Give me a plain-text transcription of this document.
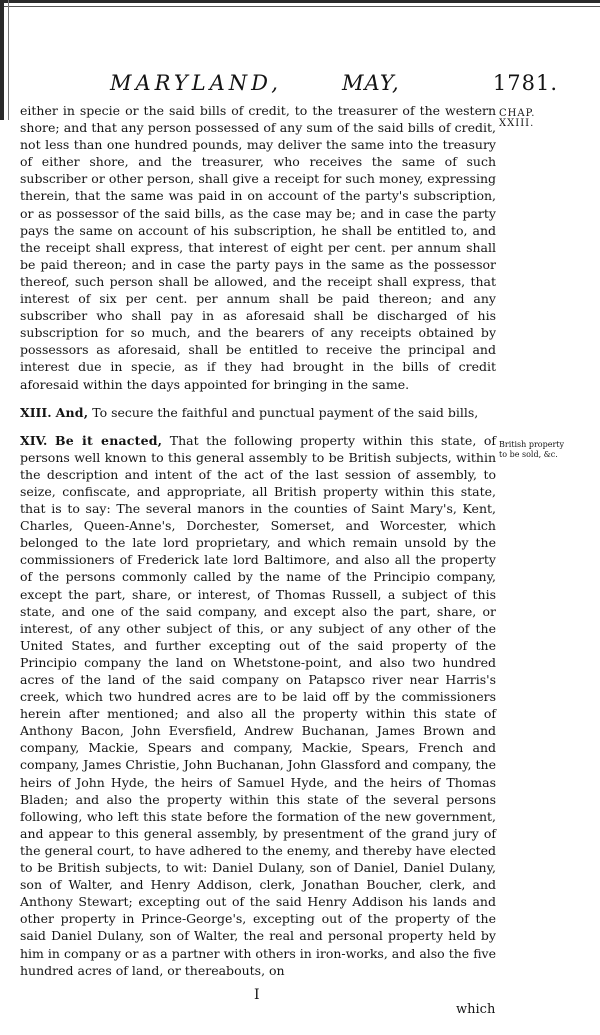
MARYLAND,	MAY,	1781.
CHAP. XXIII.
British property to be sold, &c.

either in specie or the said bills of credit, to the treasurer of the western shore; and that any person possessed of any sum of the said bills of credit, not less than one hundred pounds, may deliver the same into the treasury of either shore, and the treasurer, who receives the same of such subscriber or other person, shall give a receipt for such money, expressing therein, that the same was paid in on account of the party's subscription, or as possessor of the said bills, as the case may be; and in case the party pays the same on account of his subscription, he shall be entitled to, and the receipt shall express, that interest of eight per cent. per annum shall be paid thereon; and in case the party pays in the same as the possessor thereof, such person shall be allowed, and the receipt shall express, that interest of six per cent. per annum shall be paid thereon; and any subscriber who shall pay in as aforesaid shall be discharged of his subscription for so much, and the bearers of any receipts obtained by possessors as aforesaid, shall be entitled to receive the principal and interest due in specie, as if they had brought in the bills of credit aforesaid within the days appointed for bringing in the same.

XIII. And, To secure the faithful and punctual payment of the said bills,

XIV. Be it enacted, That the following property within this state, of persons well known to this general assembly to be British subjects, within the description and intent of the act of the last session of assembly, to seize, confiscate, and appropriate, all British property within this state, that is to say: The several manors in the counties of Saint Mary's, Kent, Charles, Queen-Anne's, Dorchester, Somerset, and Worcester, which belonged to the late lord proprietary, and which remain unsold by the commissioners of Frederick late lord Baltimore, and also all the property of the persons commonly called by the name of the Principio company, except the part, share, or interest, of Thomas Russell, a subject of this state, and one of the said company, and except also the part, share, or interest, of any other subject of this, or any subject of any other of the United States, and further excepting out of the said property of the Principio company the land on Whetstone-point, and also two hundred acres of the land of the said company on Patapsco river near Harris's creek, which two hundred acres are to be laid off by the commissioners herein after mentioned; and also all the property within this state of Anthony Bacon, John Eversfield, Andrew Buchanan, James Brown and company, Mackie, Spears and company, Mackie, Spears, French and company, James Christie, John Buchanan, John Glassford and company, the heirs of John Hyde, the heirs of Samuel Hyde, and the heirs of Thomas Bladen; and also the property within this state of the several persons following, who left this state before the formation of the new government, and appear to this general assembly, by presentment of the grand jury of the general court, to have adhered to the enemy, and thereby have elected to be British subjects, to wit: Daniel Dulany, son of Daniel, Daniel Dulany, son of Walter, and Henry Addison, clerk, Jonathan Boucher, clerk, and Anthony Stewart; excepting out of the said Henry Addison his lands and other property in Prince-George's, excepting out of the property of the said Daniel Dulany, son of Walter, the real and personal property held by him in company or as a partner with others in iron-works, and also the five hundred acres of land, or thereabouts, on

I
which
